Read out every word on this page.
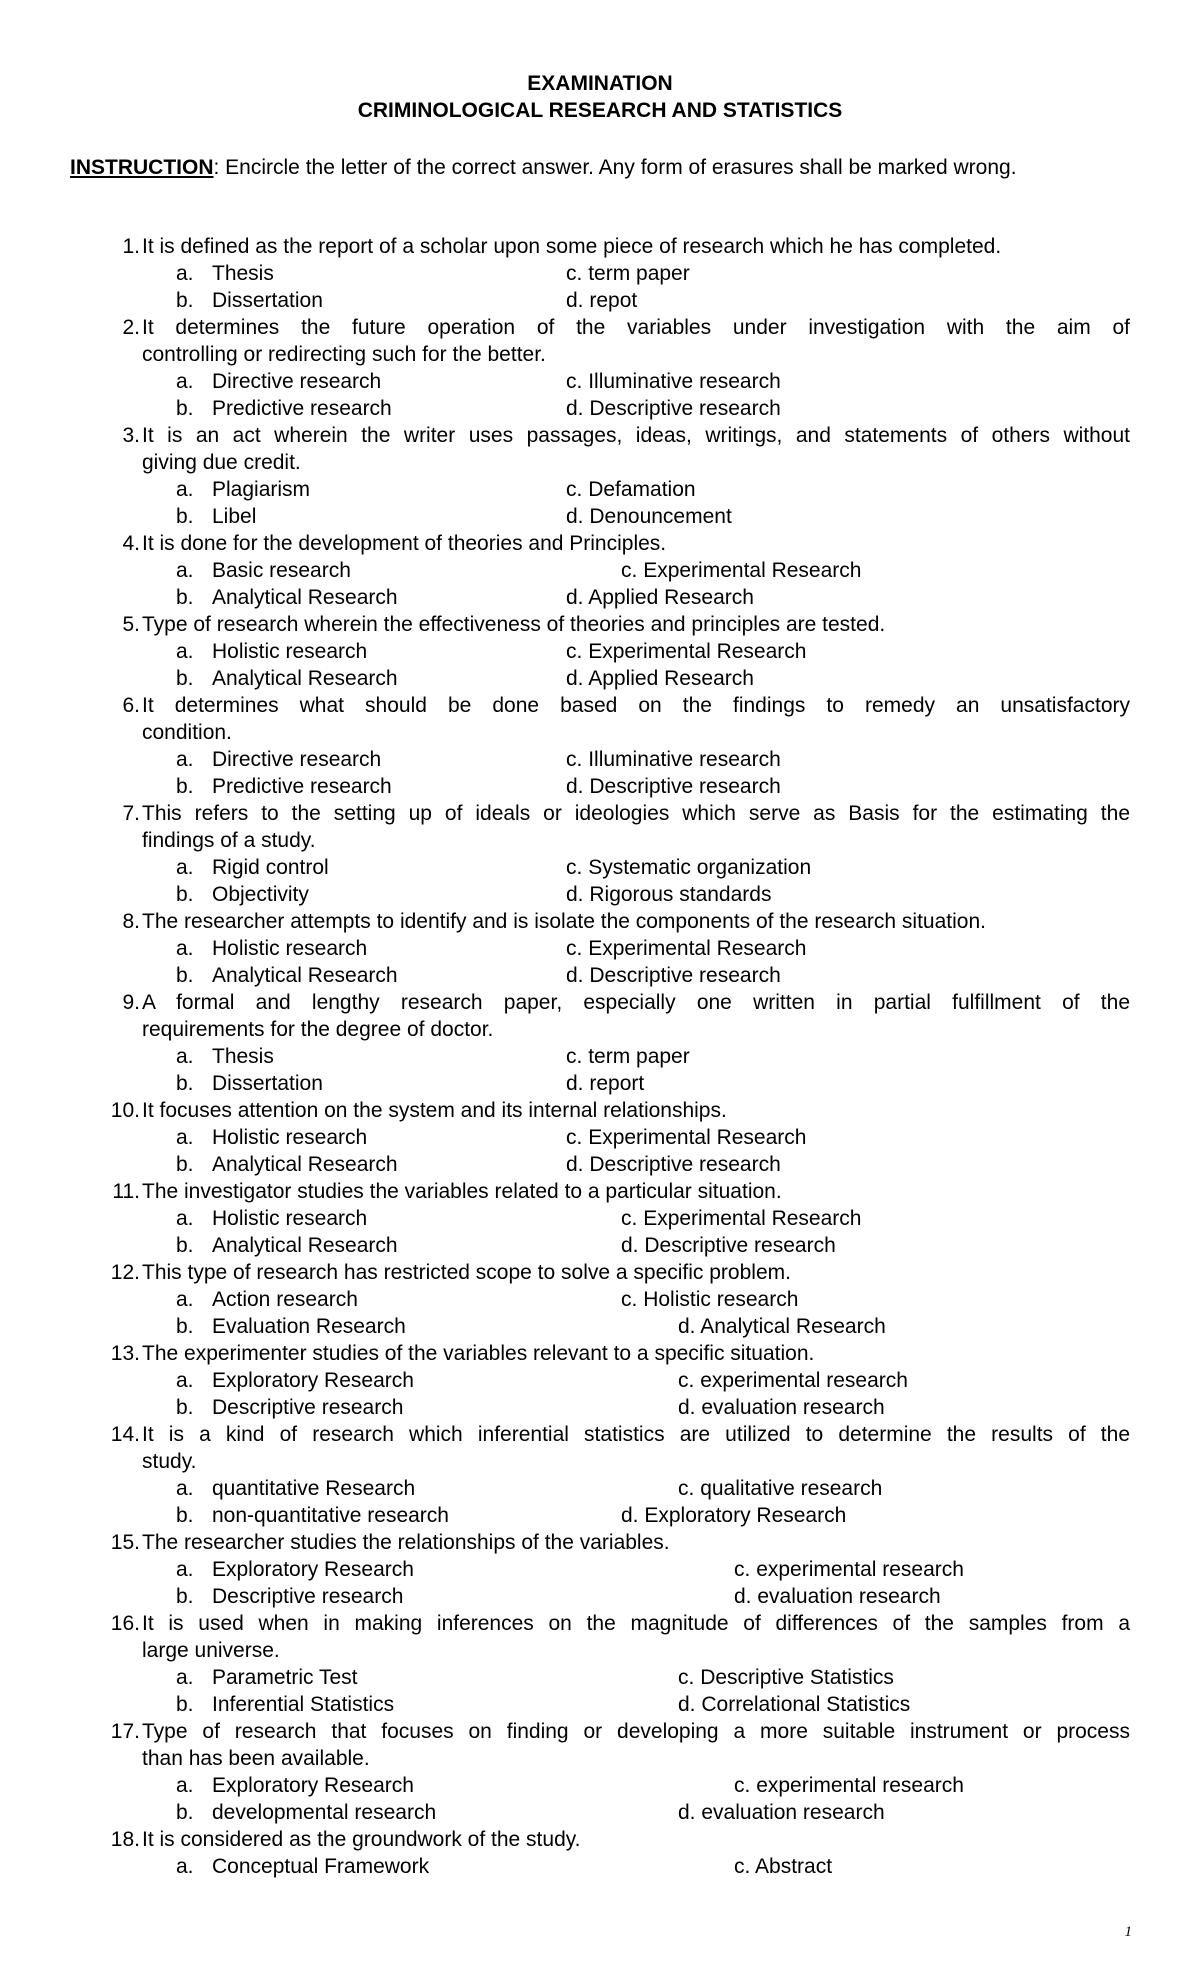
EXAMINATION
CRIMINOLOGICAL RESEARCH AND STATISTICS
INSTRUCTION: Encircle the letter of the correct answer. Any form of erasures shall be marked wrong.
1. It is defined as the report of a scholar upon some piece of research which he has completed.
a. Thesis	c. term paper
b. Dissertation	d. repot
2. It determines the future operation of the variables under investigation with the aim of
controlling or redirecting such for the better.
a. Directive research	c. Illuminative research
b. Predictive research	d. Descriptive research
3. It is an act wherein the writer uses passages, ideas, writings, and statements of others without
giving due credit.
a. Plagiarism	c. Defamation
b. Libel	d. Denouncement
4. It is done for the development of theories and Principles.
a. Basic research	c. Experimental Research
b. Analytical Research	d. Applied Research
5. Type of research wherein the effectiveness of theories and principles are tested.
a. Holistic research	c. Experimental Research
b. Analytical Research	d. Applied Research
6. It determines what should be done based on the findings to remedy an unsatisfactory
condition.
a. Directive research	c. Illuminative research
b. Predictive research	d. Descriptive research
7. This refers to the setting up of ideals or ideologies which serve as Basis for the estimating the
findings of a study.
a. Rigid control	c. Systematic organization
b. Objectivity	d. Rigorous standards
8. The researcher attempts to identify and is isolate the components of the research situation.
a. Holistic research	c. Experimental Research
b. Analytical Research	d. Descriptive research
9. A formal and lengthy research paper, especially one written in partial fulfillment of the
requirements for the degree of doctor.
a. Thesis	c. term paper
b. Dissertation	d. report
10. It focuses attention on the system and its internal relationships.
a. Holistic research	c. Experimental Research
b. Analytical Research	d. Descriptive research
11. The investigator studies the variables related to a particular situation.
a. Holistic research	c. Experimental Research
b. Analytical Research	d. Descriptive research
12. This type of research has restricted scope to solve a specific problem.
a. Action research	c. Holistic research
b. Evaluation Research	d. Analytical Research
13. The experimenter studies of the variables relevant to a specific situation.
a. Exploratory Research	c. experimental research
b. Descriptive research	d. evaluation research
14. It is a kind of research which inferential statistics are utilized to determine the results of the
study.
a. quantitative Research	c. qualitative research
b. non-quantitative research	d. Exploratory Research
15. The researcher studies the relationships of the variables.
a. Exploratory Research	c. experimental research
b. Descriptive research	d. evaluation research
16. It is used when in making inferences on the magnitude of differences of the samples from a
large universe.
a. Parametric Test	c. Descriptive Statistics
b. Inferential Statistics	d. Correlational Statistics
17. Type of research that focuses on finding or developing a more suitable instrument or process
than has been available.
a. Exploratory Research	c. experimental research
b. developmental research	d. evaluation research
18. It is considered as the groundwork of the study.
a. Conceptual Framework	c. Abstract
1
